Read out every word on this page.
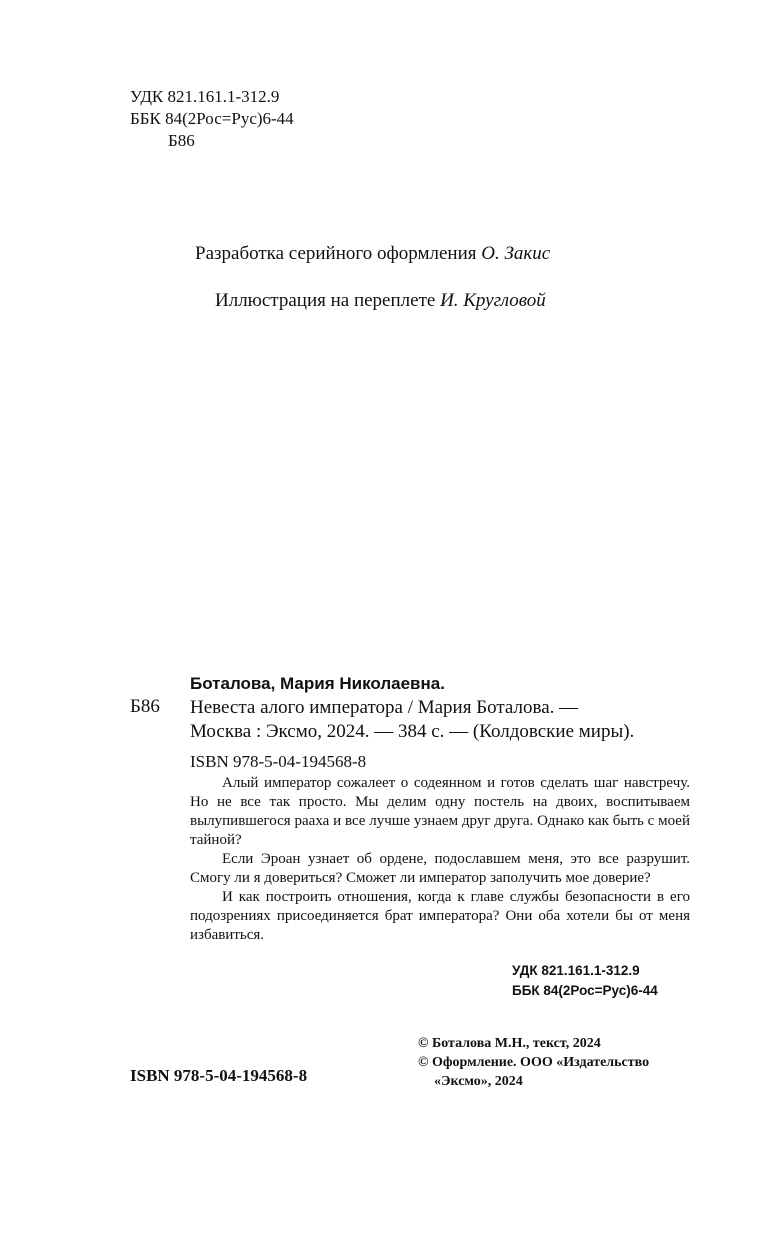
УДК 821.161.1-312.9
ББК 84(2Рос=Рус)6-44
Б86
Разработка серийного оформления О. Закис
Иллюстрация на переплете И. Кругловой
Б86
Боталова, Мария Николаевна.
Невеста алого императора / Мария Боталова. —
Москва : Эксмо, 2024. — 384 с. — (Колдовские миры).
ISBN 978-5-04-194568-8

Алый император сожалеет о содеянном и готов сделать шаг навстречу. Но не все так просто. Мы делим одну постель на двоих, воспитываем вылупившегося рааха и все лучше узнаем друг друга. Однако как быть с моей тайной?

Если Эроан узнает об ордене, подославшем меня, это все разрушит. Смогу ли я довериться? Сможет ли император заполучить мое доверие?

И как построить отношения, когда к главе службы безопасности в его подозрениях присоединяется брат императора? Они оба хотели бы от меня избавиться.

УДК 821.161.1-312.9
ББК 84(2Рос=Рус)6-44
© Боталова М.Н., текст, 2024
© Оформление. ООО «Издательство
«Эксмо», 2024
ISBN 978-5-04-194568-8
